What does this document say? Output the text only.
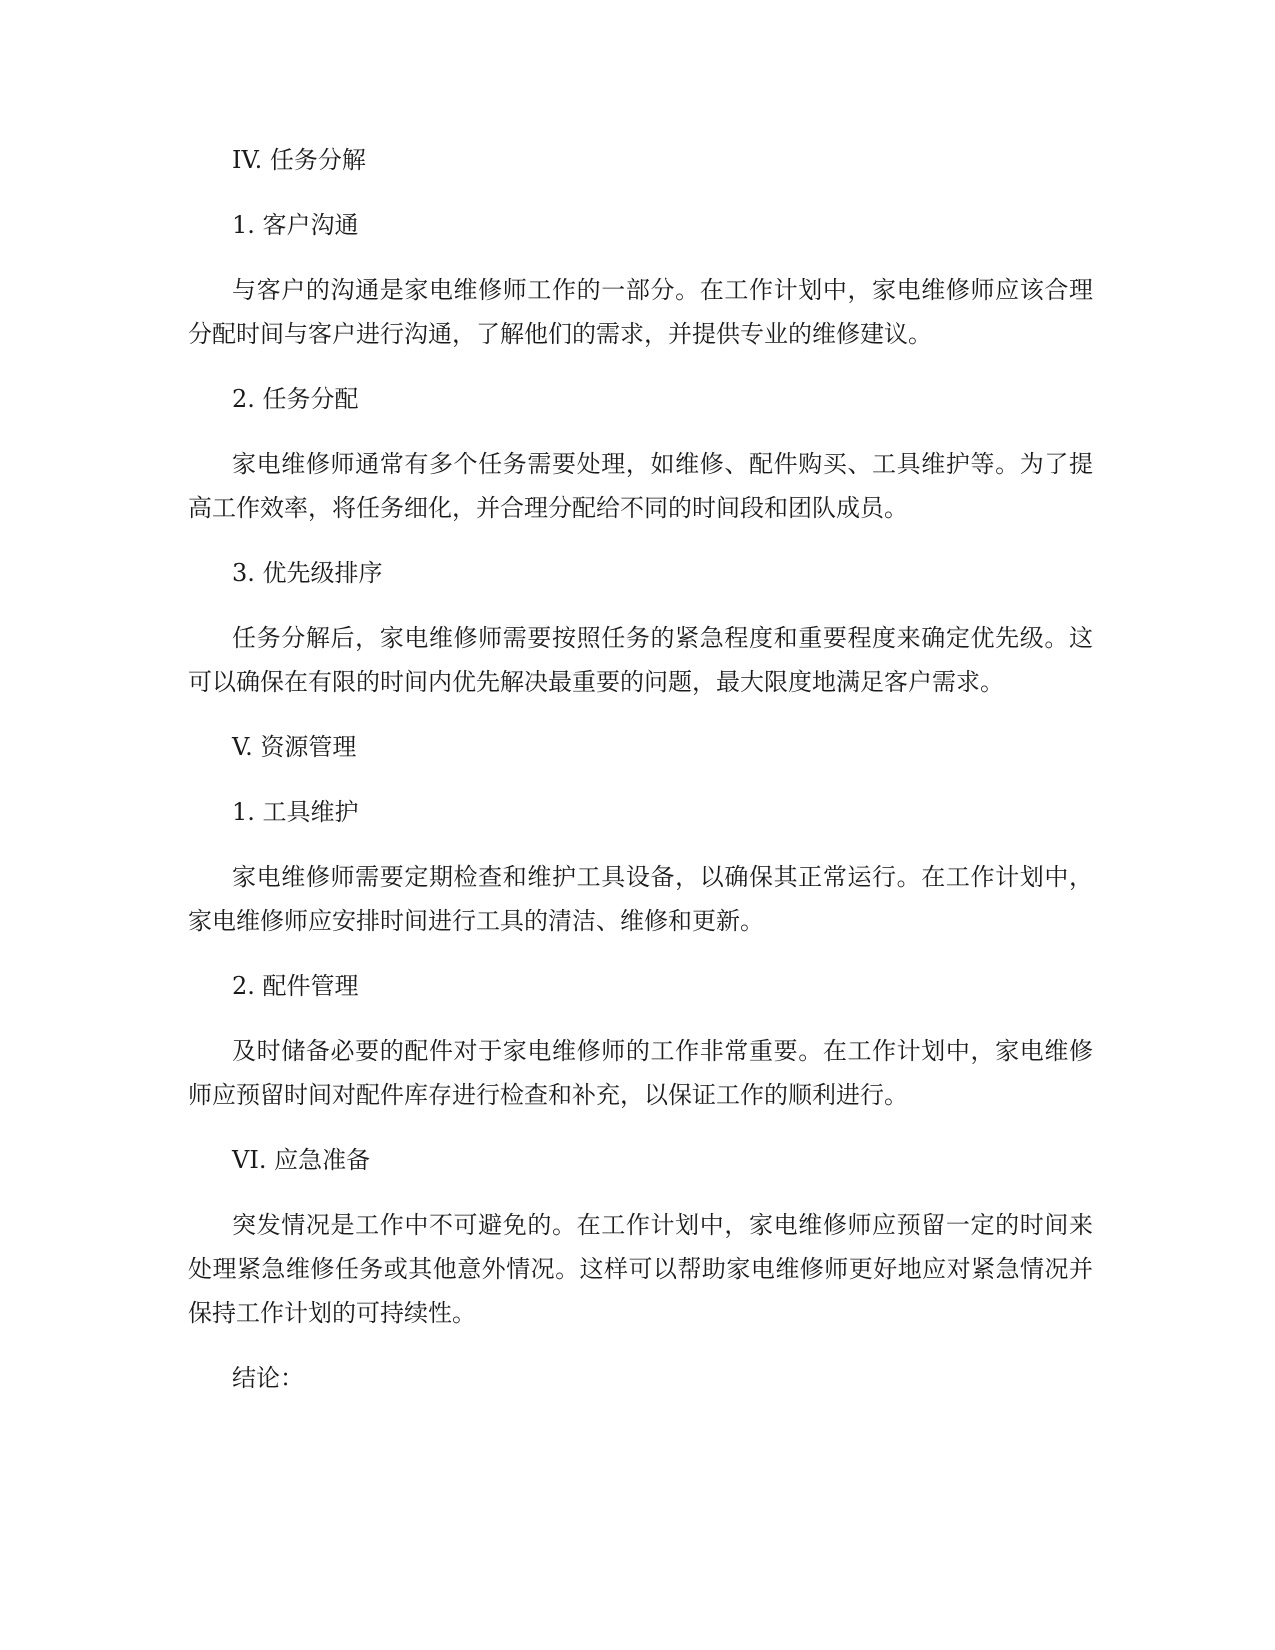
IV. 任务分解

1. 客户沟通

与客户的沟通是家电维修师工作的一部分。在工作计划中，家电维修师应该合理分配时间与客户进行沟通，了解他们的需求，并提供专业的维修建议。

2. 任务分配

家电维修师通常有多个任务需要处理，如维修、配件购买、工具维护等。为了提高工作效率，将任务细化，并合理分配给不同的时间段和团队成员。

3. 优先级排序

任务分解后，家电维修师需要按照任务的紧急程度和重要程度来确定优先级。这可以确保在有限的时间内优先解决最重要的问题，最大限度地满足客户需求。

V. 资源管理

1. 工具维护

家电维修师需要定期检查和维护工具设备，以确保其正常运行。在工作计划中，家电维修师应安排时间进行工具的清洁、维修和更新。

2. 配件管理

及时储备必要的配件对于家电维修师的工作非常重要。在工作计划中，家电维修师应预留时间对配件库存进行检查和补充，以保证工作的顺利进行。

VI. 应急准备

突发情况是工作中不可避免的。在工作计划中，家电维修师应预留一定的时间来处理紧急维修任务或其他意外情况。这样可以帮助家电维修师更好地应对紧急情况并保持工作计划的可持续性。

结论：
